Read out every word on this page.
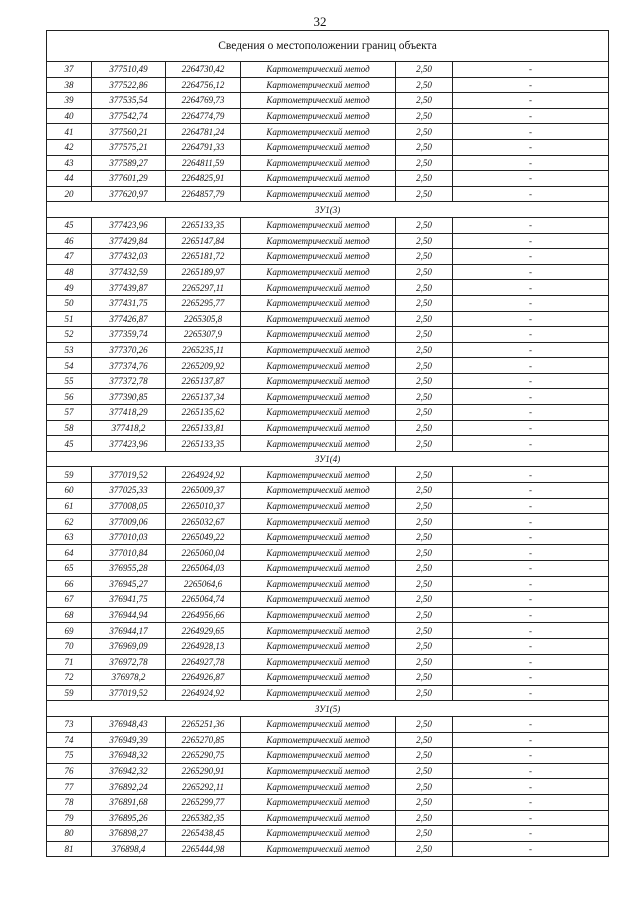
32
Сведения о местоположении границ объекта					
37	377510,49	2264730,42	Картометрический метод	2,50	-
38	377522,86	2264756,12	Картометрический метод	2,50	-
39	377535,54	2264769,73	Картометрический метод	2,50	-
40	377542,74	2264774,79	Картометрический метод	2,50	-
41	377560,21	2264781,24	Картометрический метод	2,50	-
42	377575,21	2264791,33	Картометрический метод	2,50	-
43	377589,27	2264811,59	Картометрический метод	2,50	-
44	377601,29	2264825,91	Картометрический метод	2,50	-
20	377620,97	2264857,79	Картометрический метод	2,50	-
ЗУ1(3)					
45	377423,96	2265133,35	Картометрический метод	2,50	-
46	377429,84	2265147,84	Картометрический метод	2,50	-
47	377432,03	2265181,72	Картометрический метод	2,50	-
48	377432,59	2265189,97	Картометрический метод	2,50	-
49	377439,87	2265297,11	Картометрический метод	2,50	-
50	377431,75	2265295,77	Картометрический метод	2,50	-
51	377426,87	2265305,8	Картометрический метод	2,50	-
52	377359,74	2265307,9	Картометрический метод	2,50	-
53	377370,26	2265235,11	Картометрический метод	2,50	-
54	377374,76	2265209,92	Картометрический метод	2,50	-
55	377372,78	2265137,87	Картометрический метод	2,50	-
56	377390,85	2265137,34	Картометрический метод	2,50	-
57	377418,29	2265135,62	Картометрический метод	2,50	-
58	377418,2	2265133,81	Картометрический метод	2,50	-
45	377423,96	2265133,35	Картометрический метод	2,50	-
ЗУ1(4)					
59	377019,52	2264924,92	Картометрический метод	2,50	-
60	377025,33	2265009,37	Картометрический метод	2,50	-
61	377008,05	2265010,37	Картометрический метод	2,50	-
62	377009,06	2265032,67	Картометрический метод	2,50	-
63	377010,03	2265049,22	Картометрический метод	2,50	-
64	377010,84	2265060,04	Картометрический метод	2,50	-
65	376955,28	2265064,03	Картометрический метод	2,50	-
66	376945,27	2265064,6	Картометрический метод	2,50	-
67	376941,75	2265064,74	Картометрический метод	2,50	-
68	376944,94	2264956,66	Картометрический метод	2,50	-
69	376944,17	2264929,65	Картометрический метод	2,50	-
70	376969,09	2264928,13	Картометрический метод	2,50	-
71	376972,78	2264927,78	Картометрический метод	2,50	-
72	376978,2	2264926,87	Картометрический метод	2,50	-
59	377019,52	2264924,92	Картометрический метод	2,50	-
ЗУ1(5)					
73	376948,43	2265251,36	Картометрический метод	2,50	-
74	376949,39	2265270,85	Картометрический метод	2,50	-
75	376948,32	2265290,75	Картометрический метод	2,50	-
76	376942,32	2265290,91	Картометрический метод	2,50	-
77	376892,24	2265292,11	Картометрический метод	2,50	-
78	376891,68	2265299,77	Картометрический метод	2,50	-
79	376895,26	2265382,35	Картометрический метод	2,50	-
80	376898,27	2265438,45	Картометрический метод	2,50	-
81	376898,4	2265444,98	Картометрический метод	2,50	-
